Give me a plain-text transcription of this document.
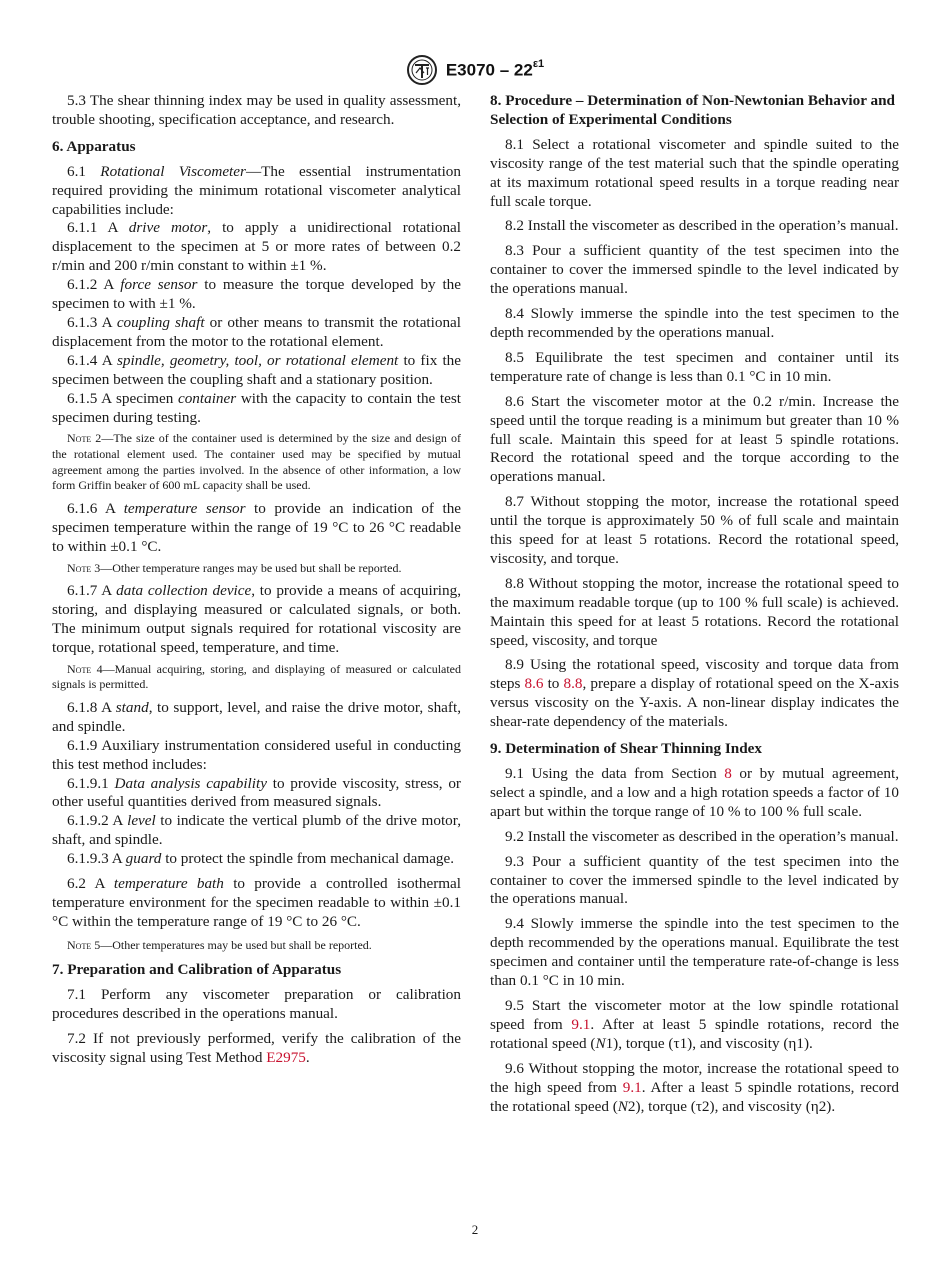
$E3070 - 22^{\varepsilon 1}$

5.3 The shear thinning index may be used in quality assessment, trouble shooting, specification acceptance, and research.

6. Apparatus

6.1 Rotational Viscometer—The essential instrumentation required providing the minimum rotational viscometer analytical capabilities include:

6.1.1 A drive motor, to apply a unidirectional rotational displacement to the specimen at 5 or more rates of between 0.2 r/min and 200 r/min constant to within ±1 %.

6.1.2 A force sensor to measure the torque developed by the specimen to with ±1 %.

6.1.3 A coupling shaft or other means to transmit the rotational displacement from the motor to the rotational element.

6.1.4 A spindle, geometry, tool, or rotational element to fix the specimen between the coupling shaft and a stationary position.

6.1.5 A specimen container with the capacity to contain the test specimen during testing.

Note 2—The size of the container used is determined by the size and design of the rotational element used. The container used may be specified by mutual agreement among the parties involved. In the absence of other information, a low form Griffin beaker of 600 mL capacity shall be used.

6.1.6 A temperature sensor to provide an indication of the specimen temperature within the range of 19 °C to 26 °C readable to within ±0.1 °C.

Note 3—Other temperature ranges may be used but shall be reported.

6.1.7 A data collection device, to provide a means of acquiring, storing, and displaying measured or calculated signals, or both. The minimum output signals required for rotational viscosity are torque, rotational speed, temperature, and time.

Note 4—Manual acquiring, storing, and displaying of measured or calculated signals is permitted.

6.1.8 A stand, to support, level, and raise the drive motor, shaft, and spindle.

6.1.9 Auxiliary instrumentation considered useful in conducting this test method includes:

6.1.9.1 Data analysis capability to provide viscosity, stress, or other useful quantities derived from measured signals.

6.1.9.2 A level to indicate the vertical plumb of the drive motor, shaft, and spindle.

6.1.9.3 A guard to protect the spindle from mechanical damage.

6.2 A temperature bath to provide a controlled isothermal temperature environment for the specimen readable to within ±0.1 °C within the temperature range of 19 °C to 26 °C.

Note 5—Other temperatures may be used but shall be reported.

7. Preparation and Calibration of Apparatus

7.1 Perform any viscometer preparation or calibration procedures described in the operations manual.

7.2 If not previously performed, verify the calibration of the viscosity signal using Test Method E2975.

8. Procedure – Determination of Non-Newtonian Behavior and Selection of Experimental Conditions

8.1 Select a rotational viscometer and spindle suited to the viscosity range of the test material such that the spindle operating at its maximum rotational speed results in a torque reading near full scale torque.

8.2 Install the viscometer as described in the operation’s manual.

8.3 Pour a sufficient quantity of the test specimen into the container to cover the immersed spindle to the level indicated by the operations manual.

8.4 Slowly immerse the spindle into the test specimen to the depth recommended by the operations manual.

8.5 Equilibrate the test specimen and container until its temperature rate of change is less than 0.1 °C in 10 min.

8.6 Start the viscometer motor at the 0.2 r/min. Increase the speed until the torque reading is a minimum but greater than 10 % full scale. Maintain this speed for at least 5 spindle rotations. Record the rotational speed and the torque according to the operations manual.

8.7 Without stopping the motor, increase the rotational speed until the torque is approximately 50 % of full scale and maintain this speed for at least 5 rotations. Record the rotational speed, viscosity, and torque.

8.8 Without stopping the motor, increase the rotational speed to the maximum readable torque (up to 100 % full scale) is achieved. Maintain this speed for at least 5 rotations. Record the rotational speed, viscosity, and torque

8.9 Using the rotational speed, viscosity and torque data from steps 8.6 to 8.8, prepare a display of rotational speed on the X-axis versus viscosity on the Y-axis. A non-linear display indicates the shear-rate dependency of the materials.

9. Determination of Shear Thinning Index

9.1 Using the data from Section 8 or by mutual agreement, select a spindle, and a low and a high rotation speeds a factor of 10 apart but within the torque range of 10 % to 100 % full scale.

9.2 Install the viscometer as described in the operation’s manual.

9.3 Pour a sufficient quantity of the test specimen into the container to cover the immersed spindle to the level indicated by the operations manual.

9.4 Slowly immerse the spindle into the test specimen to the depth recommended by the operations manual. Equilibrate the test specimen and container until the temperature rate-of-change is less than 0.1 °C in 10 min.

9.5 Start the viscometer motor at the low spindle rotational speed from 9.1. After at least 5 spindle rotations, record the rotational speed (N1), torque (τ1), and viscosity (η1).

9.6 Without stopping the motor, increase the rotational speed to the high speed from 9.1. After a least 5 spindle rotations, record the rotational speed (N2), torque (τ2), and viscosity (η2).

2
